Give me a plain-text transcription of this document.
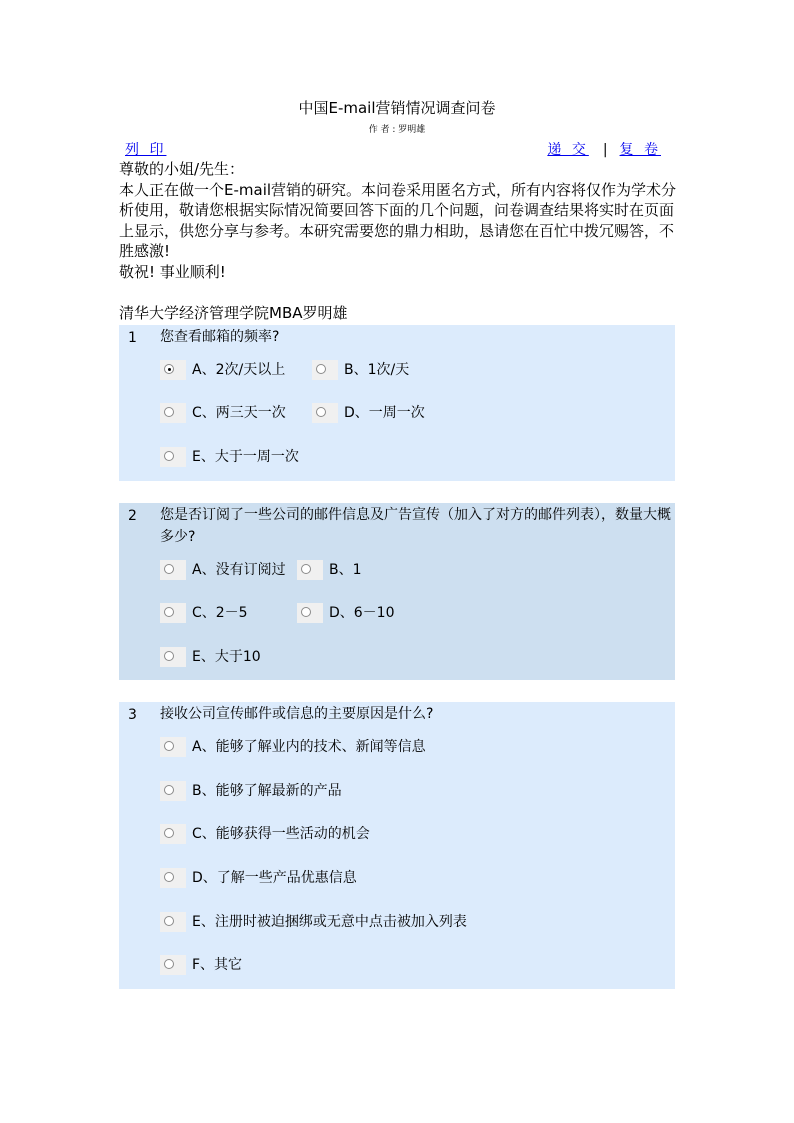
中国E-mail营销情况调查问卷
作 者 : 罗明雄
列 印	递 交 | 复 卷

尊敬的小姐/先生：

本人正在做一个E-mail营销的研究。本问卷采用匿名方式，所有内容将仅作为学术分析使用，敬请您根据实际情况简要回答下面的几个问题，问卷调查结果将实时在页面上显示，供您分享与参考。本研究需要您的鼎力相助，恳请您在百忙中拨冗赐答，不胜感激!

敬祝! 事业顺利!

清华大学经济管理学院MBA罗明雄

1	您查看邮箱的频率?
A、2次/天以上	B、1次/天
C、两三天一次	D、一周一次
E、大于一周一次
2	您是否订阅了一些公司的邮件信息及广告宣传（加入了对方的邮件列表），数量大概多少?
A、没有订阅过	B、1
C、2－5	D、6－10
E、大于10
3	接收公司宣传邮件或信息的主要原因是什么?
A、能够了解业内的技术、新闻等信息
B、能够了解最新的产品
C、能够获得一些活动的机会
D、了解一些产品优惠信息
E、注册时被迫捆绑或无意中点击被加入列表
F、其它
